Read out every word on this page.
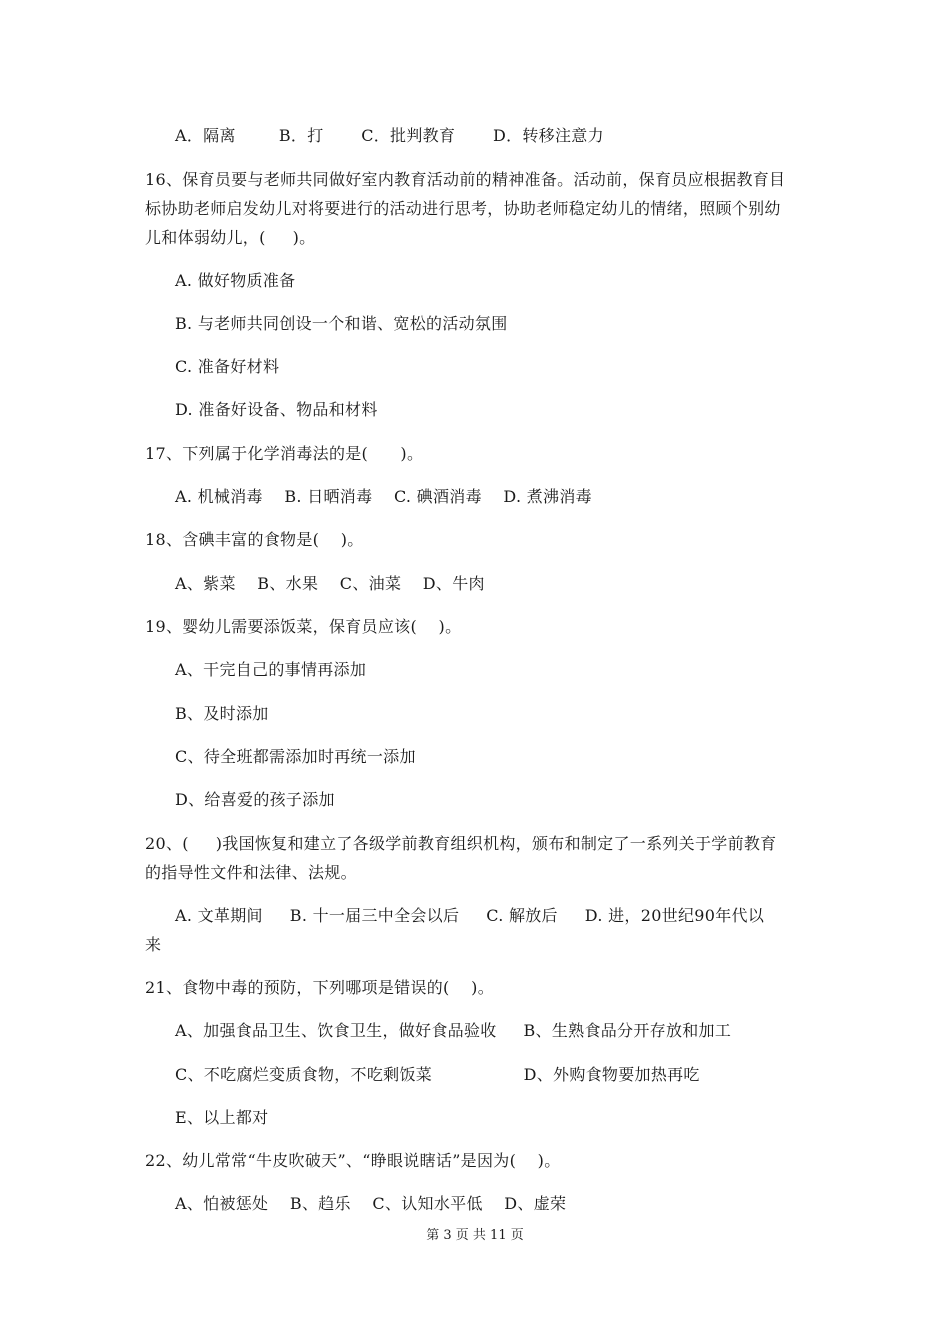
A．隔离        B．打       C．批判教育       D．转移注意力
16、保育员要与老师共同做好室内教育活动前的精神准备。活动前，保育员应根据教育目
标协助老师启发幼儿对将要进行的活动进行思考，协助老师稳定幼儿的情绪，照顾个别幼
儿和体弱幼儿，(     )。
A. 做好物质准备
B. 与老师共同创设一个和谐、宽松的活动氛围
C. 准备好材料
D. 准备好设备、物品和材料
17、下列属于化学消毒法的是(      )。
A. 机械消毒    B. 日晒消毒    C. 碘酒消毒    D. 煮沸消毒
18、含碘丰富的食物是(    )。
A、紫菜    B、水果    C、油菜    D、牛肉
19、婴幼儿需要添饭菜，保育员应该(    )。
A、干完自己的事情再添加
B、及时添加
C、待全班都需添加时再统一添加
D、给喜爱的孩子添加
20、(     )我国恢复和建立了各级学前教育组织机构，颁布和制定了一系列关于学前教育
的指导性文件和法律、法规。
A. 文革期间     B. 十一届三中全会以后     C. 解放后     D. 进，20世纪90年代以
来
21、食物中毒的预防，下列哪项是错误的(    )。
A、加强食品卫生、饮食卫生，做好食品验收     B、生熟食品分开存放和加工
C、不吃腐烂变质食物，不吃剩饭菜                 D、外购食物要加热再吃
E、以上都对
22、幼儿常常“牛皮吹破天”、“睁眼说瞎话”是因为(    )。
A、怕被惩处    B、趋乐    C、认知水平低    D、虚荣
第 3 页 共 11 页
